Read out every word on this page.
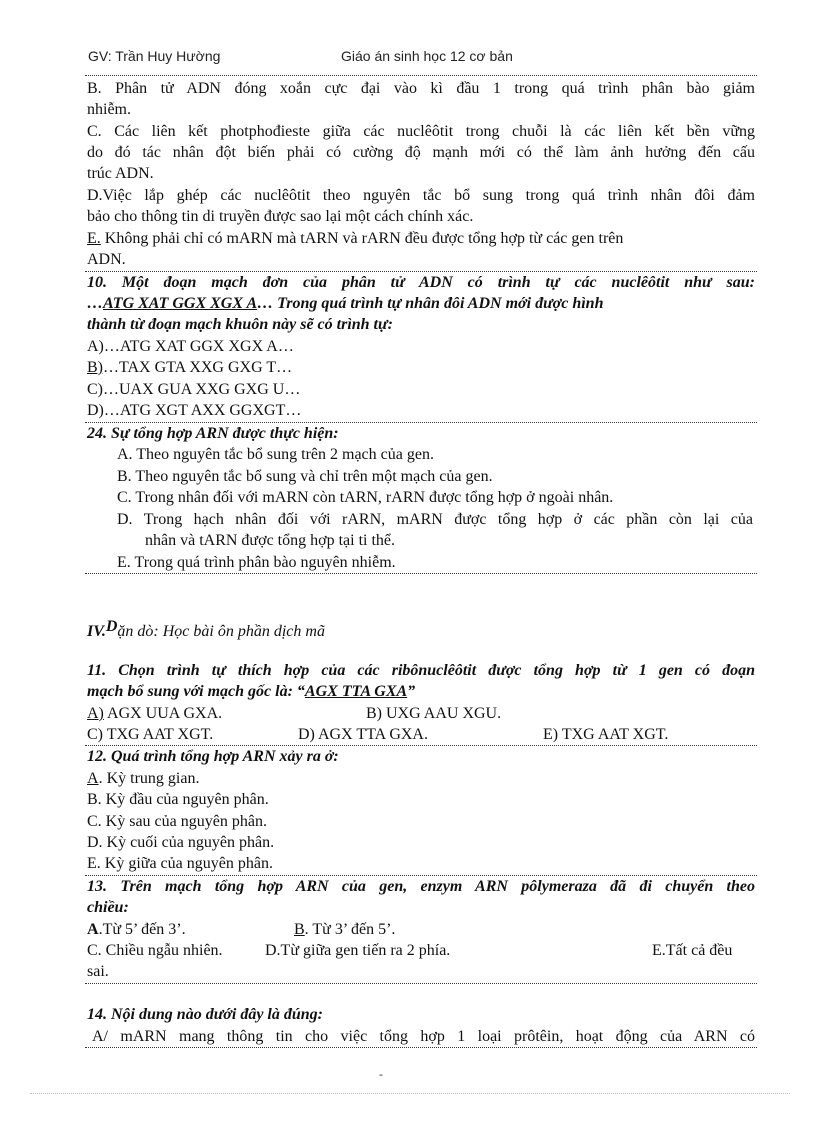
GV: Trần Huy Hường	Giáo án sinh học 12 cơ bản
B. Phân tử ADN đóng xoắn cực đại vào kì đầu 1 trong quá trình phân bào giảm
nhiễm.
C. Các liên kết photphođieste giữa các nuclêôtit trong chuỗi là các liên kết bền vững
do đó tác nhân đột biến phải có cường độ mạnh mới có thể làm ảnh hưởng đến cấu
trúc ADN.
D.Việc lắp ghép các nuclêôtit theo nguyên tắc bổ sung trong quá trình nhân đôi đảm
bảo cho thông tin di truyền được sao lại một cách chính xác.
E. Không phải chỉ có mARN mà tARN và rARN đều được tổng hợp từ các gen trên
ADN.
10. Một đoạn mạch đơn của phân tử ADN có trình tự các nuclêôtit như sau:
…ATG XAT GGX XGX A… Trong quá trình tự nhân đôi ADN mới được hình
thành từ đoạn mạch khuôn này sẽ có trình tự:
A)…ATG XAT GGX XGX A…
B)…TAX GTA XXG GXG T…
C)…UAX GUA XXG GXG U…
D)…ATG XGT AXX GGXGT…
24. Sự tổng hợp ARN được thực hiện:
A. Theo nguyên tắc bổ sung trên 2 mạch của gen.
B. Theo nguyên tắc bổ sung và chỉ trên một mạch của gen.
C. Trong nhân đối với mARN còn tARN, rARN được tổng hợp ở ngoài nhân.
D. Trong hạch nhân đối với rARN, mARN được tổng hợp ở các phần còn lại của
nhân và tARN được tổng hợp tại ti thể.
E. Trong quá trình phân bào nguyên nhiễm.
IV.Dặn dò: Học bài ôn phần dịch mã
11. Chọn trình tự thích hợp của các ribônuclêôtit được tổng hợp từ 1 gen có đoạn
mạch bổ sung với mạch gốc là: “AGX TTA GXA”
A) AGX UUA GXA.	B) UXG AAU XGU.
C) TXG AAT XGT.	D) AGX TTA GXA.	E) TXG AAT XGT.
12. Quá trình tổng hợp ARN xảy ra ở:
A. Kỳ trung gian.
B. Kỳ đầu của nguyên phân.
C. Kỳ sau của nguyên phân.
D. Kỳ cuối của nguyên phân.
E. Kỳ giữa của nguyên phân.
13. Trên mạch tổng hợp ARN của gen, enzym ARN pôlymeraza đã đi chuyển theo
chiều:
A.Từ 5’ đến 3’.	B. Từ 3’ đến 5’.
C. Chiều ngẫu nhiên.	D.Từ giữa gen tiến ra 2 phía.	E.Tất cả đều
sai.
14. Nội dung nào dưới đây là đúng:
A/ mARN mang thông tin cho việc tổng hợp 1 loại prôtêin, hoạt động của ARN có
-
